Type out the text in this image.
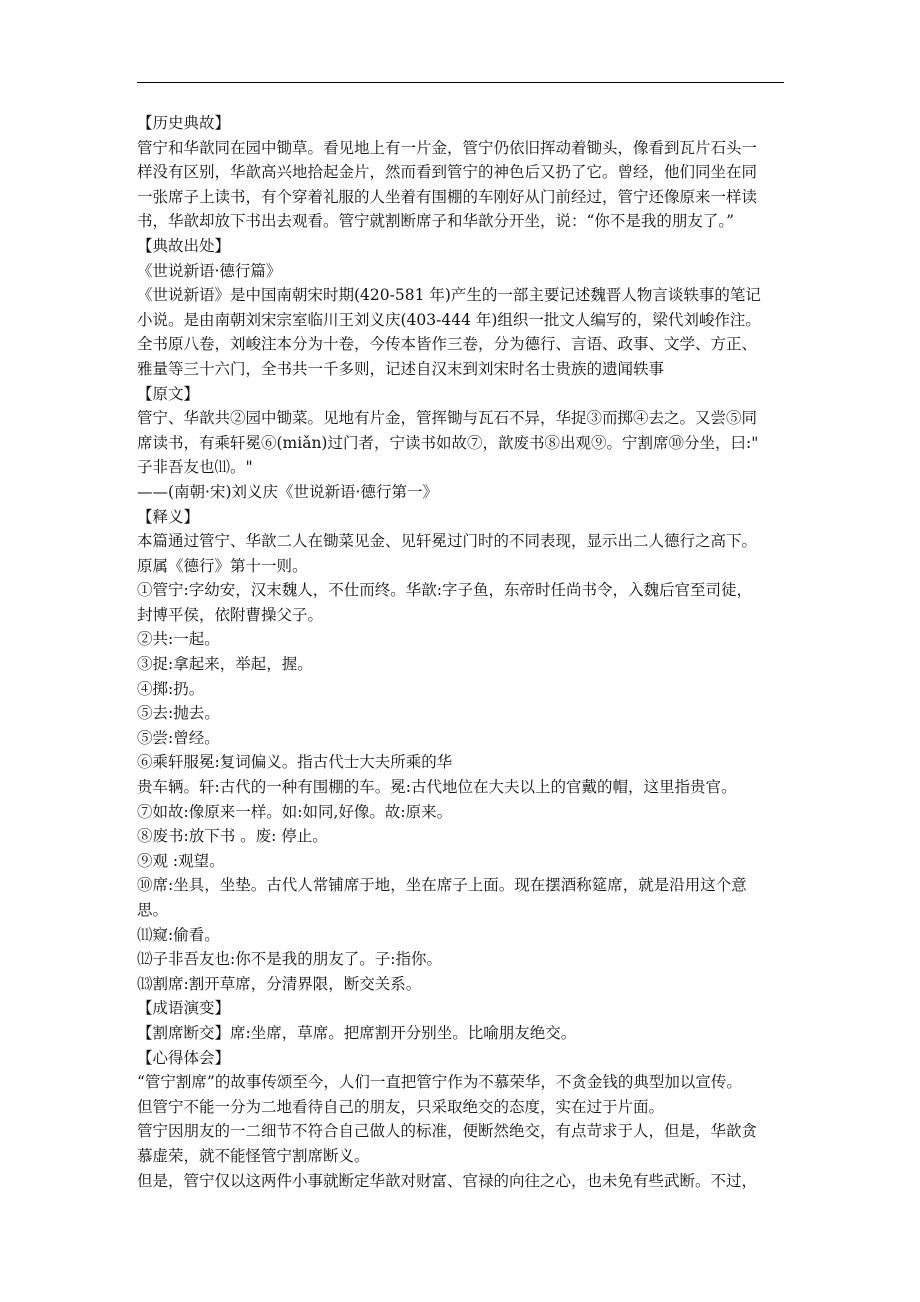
【历史典故】
管宁和华歆同在园中锄草。看见地上有一片金，管宁仍依旧挥动着锄头，像看到瓦片石头一
样没有区别，华歆高兴地拾起金片，然而看到管宁的神色后又扔了它。曾经，他们同坐在同
一张席子上读书，有个穿着礼服的人坐着有围棚的车刚好从门前经过，管宁还像原来一样读
书，华歆却放下书出去观看。管宁就割断席子和华歆分开坐，说：“你不是我的朋友了。”
【典故出处】
《世说新语·德行篇》
《世说新语》是中国南朝宋时期(420-581 年)产生的一部主要记述魏晋人物言谈轶事的笔记
小说。是由南朝刘宋宗室临川王刘义庆(403-444 年)组织一批文人编写的，梁代刘峻作注。
全书原八卷，刘峻注本分为十卷，今传本皆作三卷，分为德行、言语、政事、文学、方正、
雅量等三十六门，全书共一千多则，记述自汉末到刘宋时名士贵族的遗闻轶事
【原文】
管宁、华歆共②园中锄菜。见地有片金，管挥锄与瓦石不异，华捉③而掷④去之。又尝⑤同
席读书，有乘轩冕⑥(miǎn)过门者，宁读书如故⑦，歆废书⑧出观⑨。宁割席⑩分坐，曰:"
子非吾友也⑾。"
——(南朝·宋)刘义庆《世说新语·德行第一》
【释义】
本篇通过管宁、华歆二人在锄菜见金、见轩冕过门时的不同表现，显示出二人德行之高下。
原属《德行》第十一则。
①管宁:字幼安，汉末魏人，不仕而终。华歆:字子鱼，东帝时任尚书令，入魏后官至司徒，
封博平侯，依附曹操父子。
②共:一起。
③捉:拿起来，举起，握。
④掷:扔。
⑤去:抛去。
⑤尝:曾经。
⑥乘轩服冕:复词偏义。指古代士大夫所乘的华
贵车辆。轩:古代的一种有围棚的车。冕:古代地位在大夫以上的官戴的帽，这里指贵官。
⑦如故:像原来一样。如:如同,好像。故:原来。
⑧废书:放下书 。废: 停止。
⑨观 :观望。
⑩席:坐具，坐垫。古代人常铺席于地，坐在席子上面。现在摆酒称筵席，就是沿用这个意
思。
⑾窥:偷看。
⑿子非吾友也:你不是我的朋友了。子:指你。
⒀割席:割开草席，分清界限，断交关系。
【成语演变】
【割席断交】席:坐席，草席。把席割开分别坐。比喻朋友绝交。
【心得体会】
“管宁割席”的故事传颂至今，人们一直把管宁作为不慕荣华，不贪金钱的典型加以宣传。
但管宁不能一分为二地看待自己的朋友，只采取绝交的态度，实在过于片面。
管宁因朋友的一二细节不符合自己做人的标准，便断然绝交，有点苛求于人，但是，华歆贪
慕虚荣，就不能怪管宁割席断义。
但是，管宁仅以这两件小事就断定华歆对财富、官禄的向往之心，也未免有些武断。不过，
